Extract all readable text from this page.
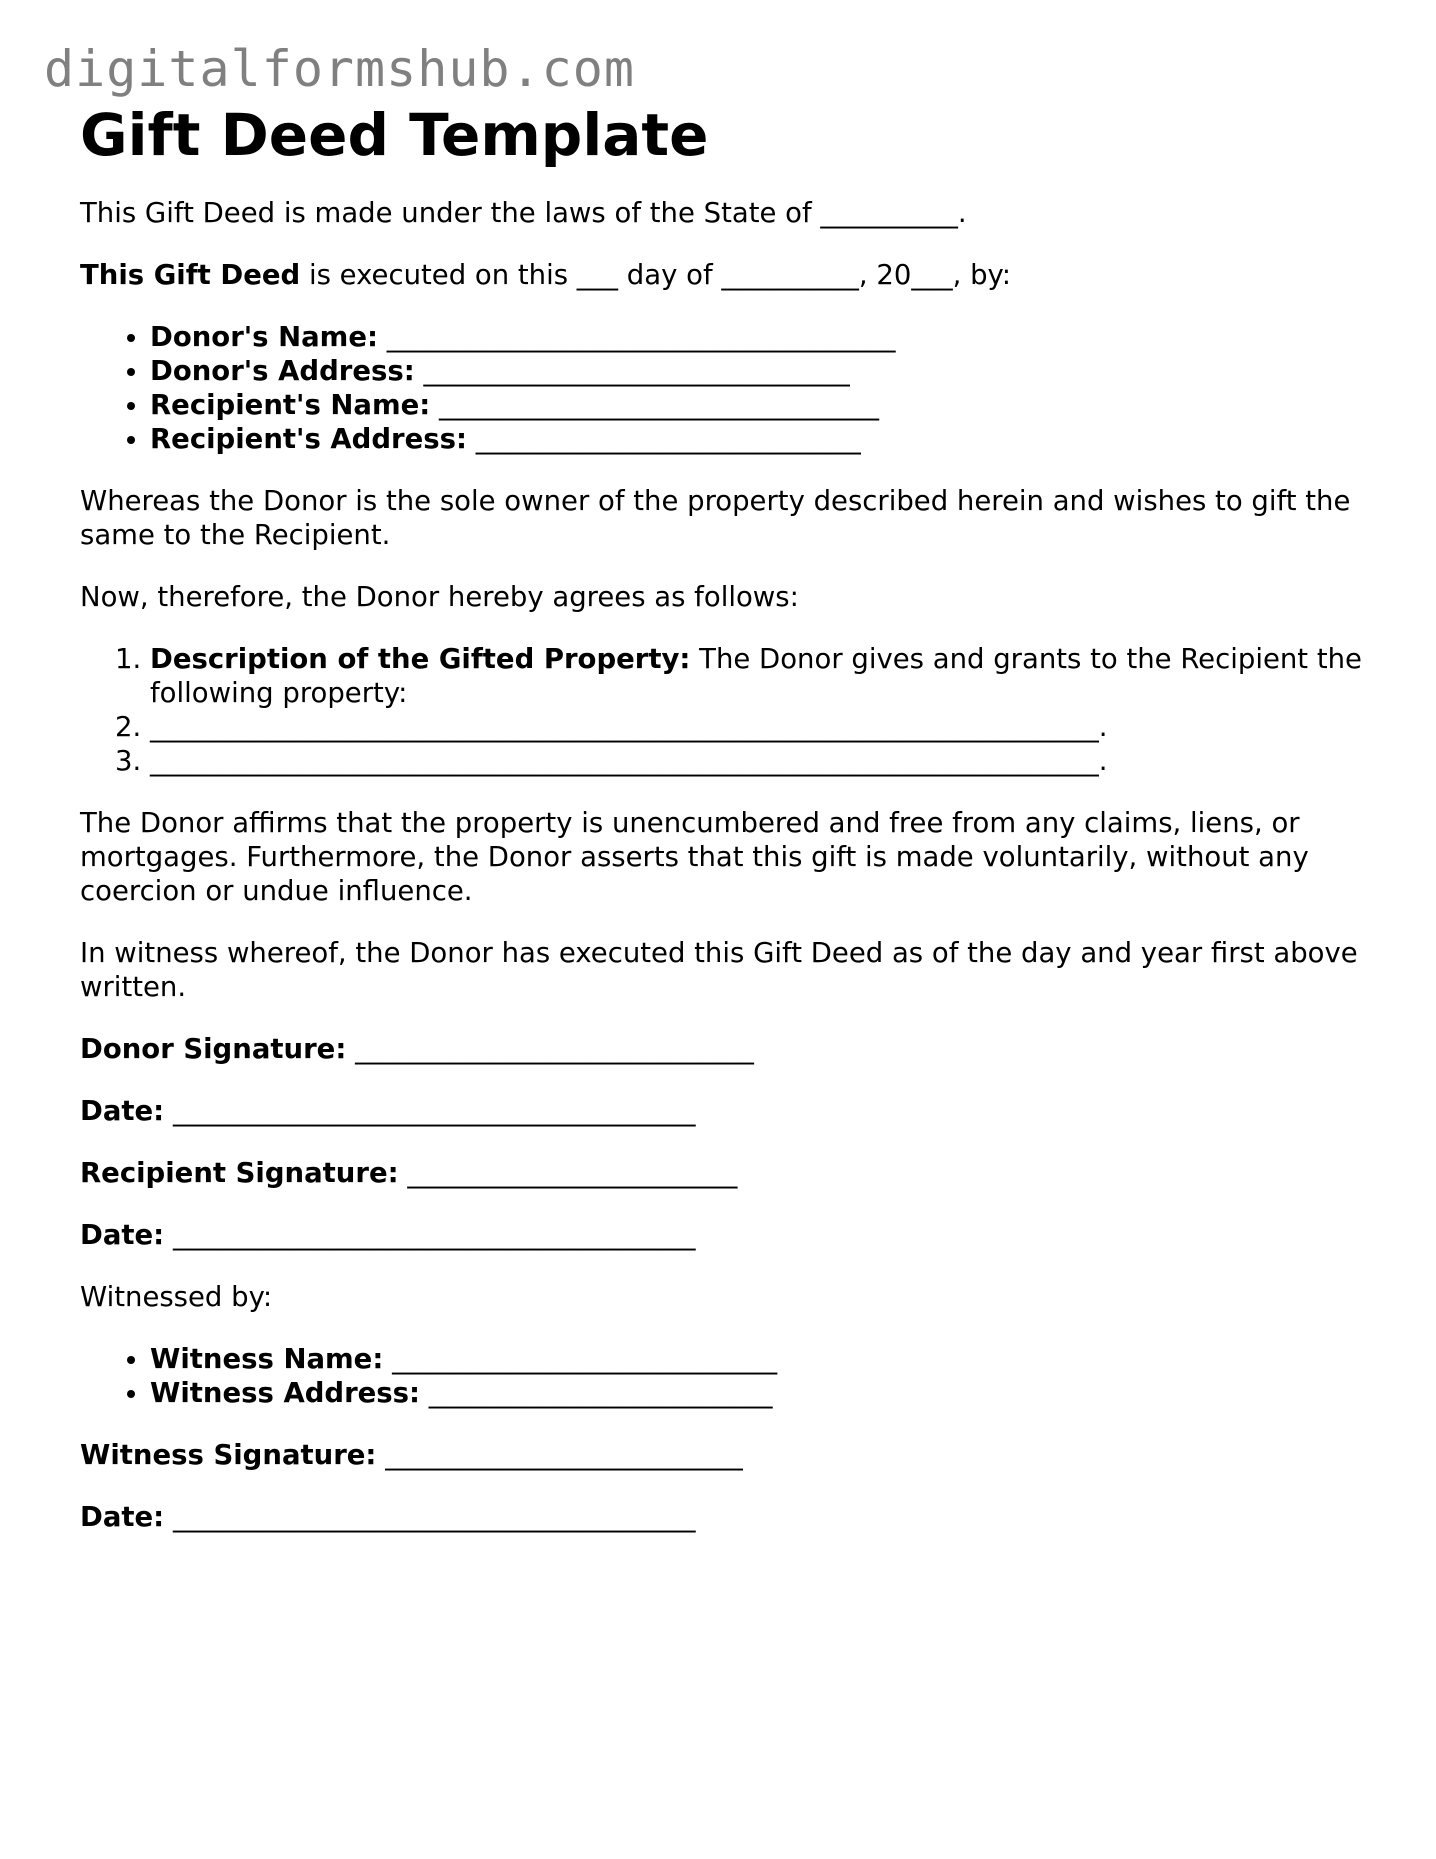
digitalformshub.com
Gift Deed Template

This Gift Deed is made under the laws of the State of __________.

This Gift Deed is executed on this ___ day of __________, 20___, by:

• Donor's Name: _____________________________________
• Donor's Address: _______________________________
• Recipient's Name: ________________________________
• Recipient's Address: ____________________________

Whereas the Donor is the sole owner of the property described herein and wishes to gift the same to the Recipient.

Now, therefore, the Donor hereby agrees as follows:

1. Description of the Gifted Property: The Donor gives and grants to the Recipient the following property:
2. _____________________________________________________________________.
3. _____________________________________________________________________.

The Donor affirms that the property is unencumbered and free from any claims, liens, or mortgages. Furthermore, the Donor asserts that this gift is made voluntarily, without any coercion or undue influence.

In witness whereof, the Donor has executed this Gift Deed as of the day and year first above written.

Donor Signature: _____________________________

Date: ______________________________________

Recipient Signature: ________________________

Date: ______________________________________

Witnessed by:

• Witness Name: ____________________________
• Witness Address: _________________________

Witness Signature: __________________________

Date: ______________________________________
